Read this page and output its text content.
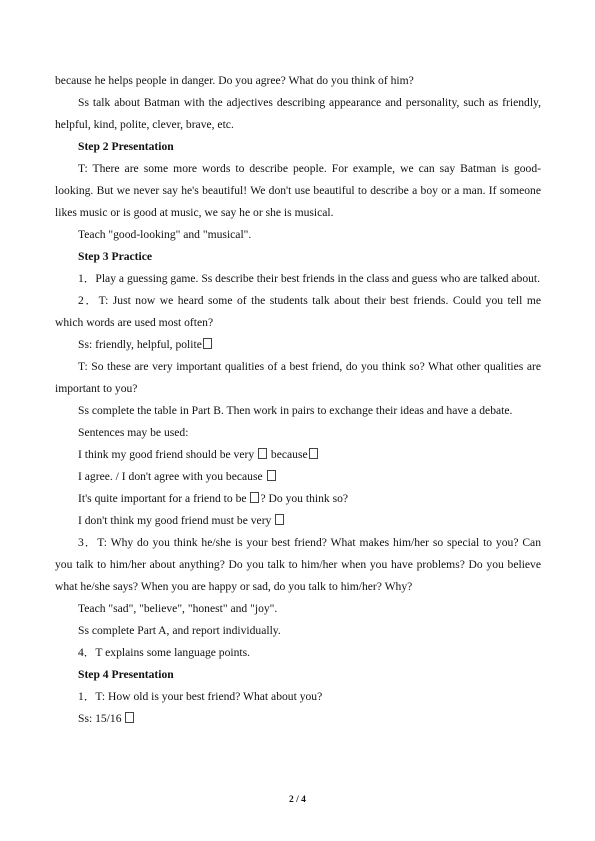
because he helps people in danger. Do you agree? What do you think of him?

Ss talk about Batman with the adjectives describing appearance and personality, such as friendly, helpful, kind, polite, clever, brave, etc.

Step 2 Presentation

T: There are some more words to describe people. For example, we can say Batman is good-looking. But we never say he's beautiful! We don't use beautiful to describe a boy or a man. If someone likes music or is good at music, we say he or she is musical.

Teach "good-looking" and "musical".

Step 3 Practice

1．Play a guessing game. Ss describe their best friends in the class and guess who are talked about.

2．T: Just now we heard some of the students talk about their best friends. Could you tell me which words are used most often?

Ss: friendly, helpful, polite

T: So these are very important qualities of a best friend, do you think so? What other qualities are important to you?

Ss complete the table in Part B. Then work in pairs to exchange their ideas and have a debate.

Sentences may be used:

I think my good friend should be very  because

I agree. / I don't agree with you because

It's quite important for a friend to be ? Do you think so?

I don't think my good friend must be very

3．T: Why do you think he/she is your best friend? What makes him/her so special to you? Can you talk to him/her about anything? Do you talk to him/her when you have problems? Do you believe what he/she says? When you are happy or sad, do you talk to him/her? Why?

Teach "sad", "believe", "honest" and "joy".

Ss complete Part A, and report individually.

4．T explains some language points.

Step 4 Presentation

1．T: How old is your best friend? What about you?

Ss: 15/16

2 / 4
